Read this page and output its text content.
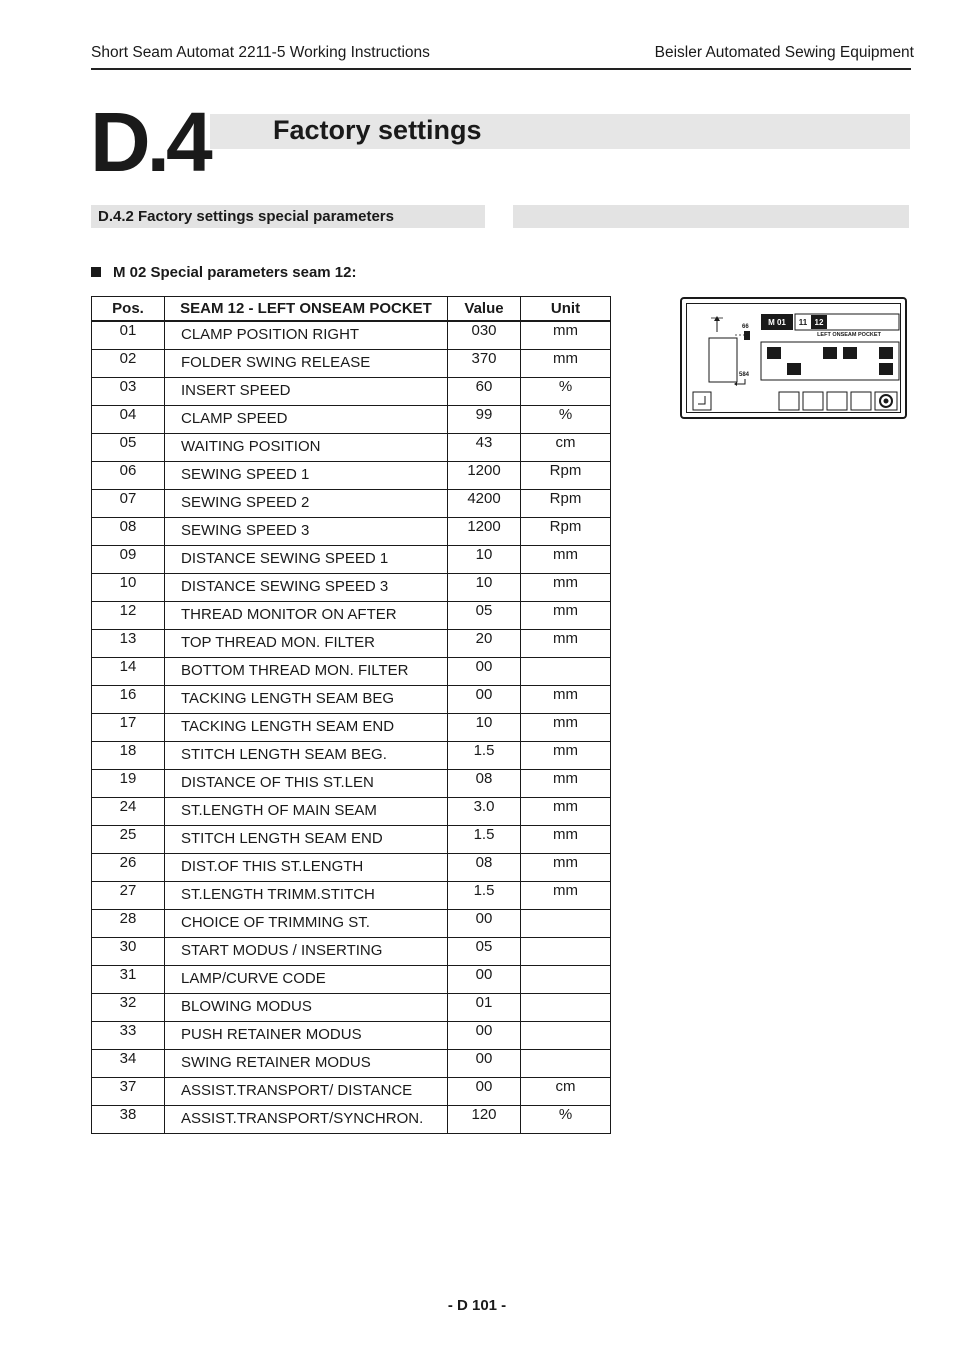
Short Seam Automat 2211-5 Working Instructions	Beisler Automated Sewing Equipment
D.4 Factory settings
D.4.2 Factory settings special parameters
M 02 Special parameters seam 12:
Pos.	SEAM 12 - LEFT ONSEAM POCKET	Value	Unit
01	CLAMP POSITION RIGHT	030	mm
02	FOLDER SWING RELEASE	370	mm
03	INSERT SPEED	60	%
04	CLAMP SPEED	99	%
05	WAITING POSITION	43	cm
06	SEWING SPEED 1	1200	Rpm
07	SEWING SPEED 2	4200	Rpm
08	SEWING SPEED 3	1200	Rpm
09	DISTANCE SEWING SPEED 1	10	mm
10	DISTANCE SEWING SPEED 3	10	mm
12	THREAD MONITOR ON AFTER	05	mm
13	TOP THREAD MON. FILTER	20	mm
14	BOTTOM THREAD MON. FILTER	00	
16	TACKING LENGTH SEAM BEG	00	mm
17	TACKING LENGTH SEAM END	10	mm
18	STITCH LENGTH SEAM BEG.	1.5	mm
19	DISTANCE OF THIS ST.LEN	08	mm
24	ST.LENGTH OF MAIN SEAM	3.0	mm
25	STITCH LENGTH SEAM END	1.5	mm
26	DIST.OF THIS ST.LENGTH	08	mm
27	ST.LENGTH TRIMM.STITCH	1.5	mm
28	CHOICE OF TRIMMING ST.	00	
30	START MODUS / INSERTING	05	
31	LAMP/CURVE CODE	00	
32	BLOWING MODUS	01	
33	PUSH RETAINER MODUS	00	
34	SWING RETAINER MODUS	00	
37	ASSIST.TRANSPORT/ DISTANCE	00	cm
38	ASSIST.TRANSPORT/SYNCHRON.	120	%
66
584
M 01 11 12
LEFT ONSEAM POCKET
- D 101 -
